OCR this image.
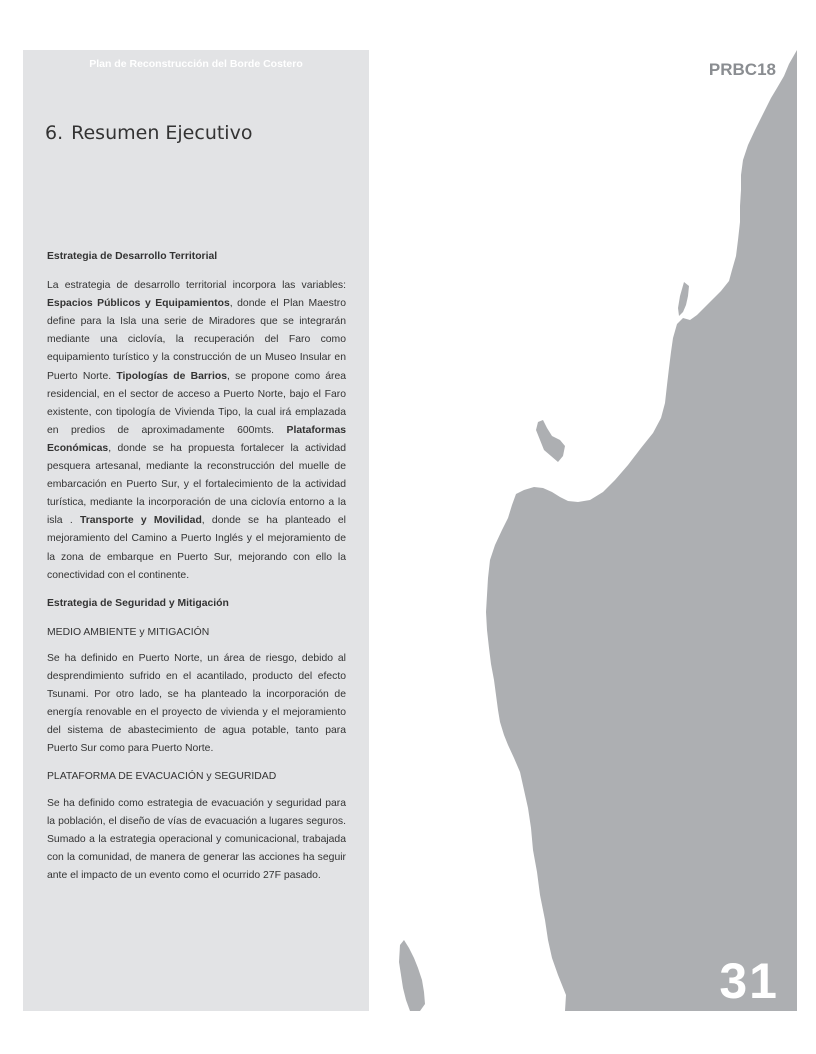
Plan de Reconstrucción del Borde Costero
6. Resumen Ejecutivo

Estrategia de Desarrollo Territorial

La estrategia de desarrollo territorial incorpora las variables: Espacios Públicos y Equipamientos, donde el Plan Maestro define para la Isla una serie de Miradores que se integrarán mediante una ciclovía, la recuperación del Faro como equipamiento turístico y la construcción de un Museo Insular en Puerto Norte. Tipologías de Barrios, se propone como área residencial, en el sector de acceso a Puerto Norte, bajo el Faro existente, con tipología de Vivienda Tipo, la cual irá emplazada en predios de aproximadamente 600mts. Plataformas Económicas, donde se ha propuesta fortalecer la actividad pesquera artesanal, mediante la reconstrucción del muelle de embarcación en Puerto Sur, y el fortalecimiento de la actividad turística, mediante la incorporación de una ciclovía entorno a la isla . Transporte y Movilidad, donde se ha planteado el mejoramiento del Camino a Puerto Inglés y el mejoramiento de la zona de embarque en Puerto Sur, mejorando con ello la conectividad con el continente.

Estrategia de Seguridad y Mitigación

MEDIO AMBIENTE y MITIGACIÓN

Se ha definido en Puerto Norte, un área de riesgo, debido al desprendimiento sufrido en el acantilado, producto del efecto Tsunami. Por otro lado, se ha planteado la incorporación de energía renovable en el proyecto de vivienda y el mejoramiento del sistema de abastecimiento de agua potable, tanto para Puerto Sur como para Puerto Norte.

PLATAFORMA DE EVACUACIÓN y SEGURIDAD

Se ha definido como estrategia de evacuación y seguridad para la población, el diseño de vías de evacuación a lugares seguros. Sumado a la estrategia operacional y comunicacional, trabajada con la comunidad, de manera de generar las acciones ha seguir ante el impacto de un evento como el ocurrido 27F pasado.

PRBC18
31
